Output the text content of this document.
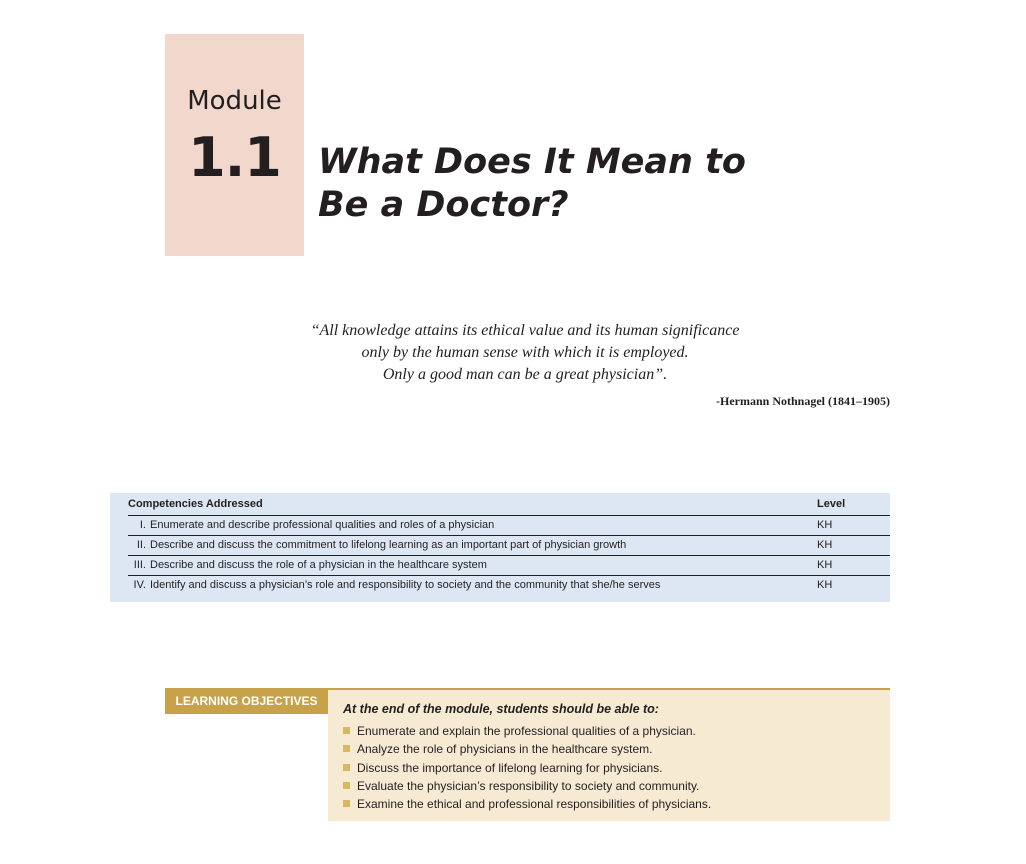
Module
1.1	What Does It Mean to
Be a Doctor?
“All knowledge attains its ethical value and its human significance
only by the human sense with which it is employed.
Only a good man can be a great physician”.
-Hermann Nothnagel (1841–1905)
Competencies Addressed	Level
I. Enumerate and describe professional qualities and roles of a physician	KH
II. Describe and discuss the commitment to lifelong learning as an important part of physician growth	KH
III. Describe and discuss the role of a physician in the healthcare system	KH
IV. Identify and discuss a physician’s role and responsibility to society and the community that she/he serves	KH
LEARNING OBJECTIVES
At the end of the module, students should be able to:
Enumerate and explain the professional qualities of a physician.
Analyze the role of physicians in the healthcare system.
Discuss the importance of lifelong learning for physicians.
Evaluate the physician’s responsibility to society and community.
Examine the ethical and professional responsibilities of physicians.
